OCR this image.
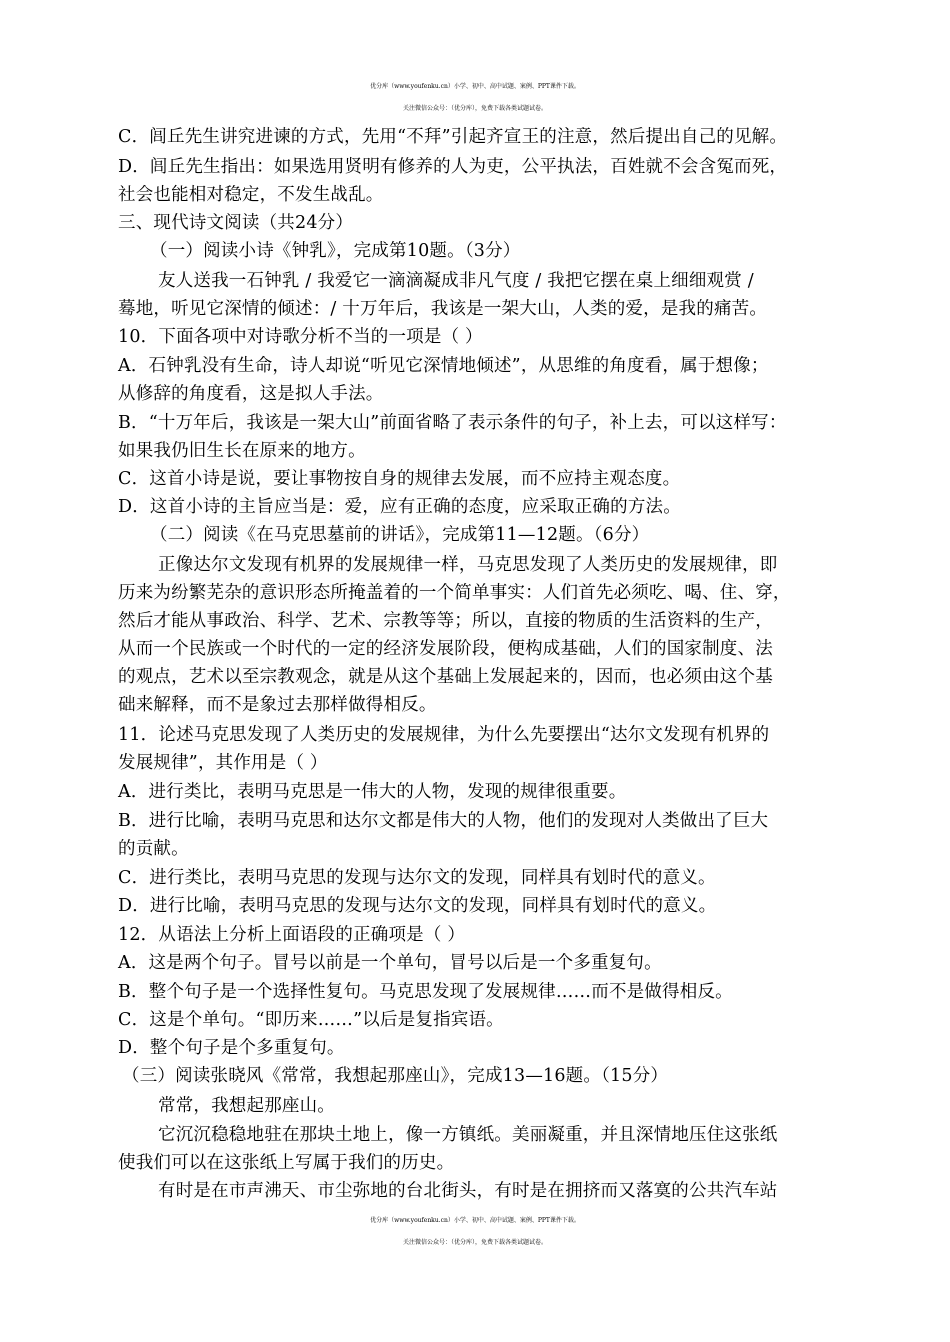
优分库（www.youfenku.cn）小学、初中、高中试题、案例、PPT课件下载。
关注微信公众号：（优分库），免费下载各类试题试卷。
C．闾丘先生讲究进谏的方式，先用“不拜”引起齐宣王的注意，然后提出自己的见解。
D．闾丘先生指出：如果选用贤明有修养的人为吏，公平执法，百姓就不会含冤而死，
社会也能相对稳定，不发生战乱。
三、现代诗文阅读（共24分）
（一）阅读小诗《钟乳》，完成第10题。（3分）
友人送我一石钟乳 / 我爱它一滴滴凝成非凡气度 / 我把它摆在桌上细细观赏 /
蓦地，听见它深情的倾述：/ 十万年后，我该是一架大山，人类的爱，是我的痛苦。
10．下面各项中对诗歌分析不当的一项是（ ）
A．石钟乳没有生命，诗人却说“听见它深情地倾述”，从思维的角度看，属于想像；
从修辞的角度看，这是拟人手法。
B．“十万年后，我该是一架大山”前面省略了表示条件的句子，补上去，可以这样写：
如果我仍旧生长在原来的地方。
C．这首小诗是说，要让事物按自身的规律去发展，而不应持主观态度。
D．这首小诗的主旨应当是：爱，应有正确的态度，应采取正确的方法。
（二）阅读《在马克思墓前的讲话》，完成第11—12题。（6分）
正像达尔文发现有机界的发展规律一样，马克思发现了人类历史的发展规律，即
历来为纷繁芜杂的意识形态所掩盖着的一个简单事实：人们首先必须吃、喝、住、穿，
然后才能从事政治、科学、艺术、宗教等等；所以，直接的物质的生活资料的生产，
从而一个民族或一个时代的一定的经济发展阶段，便构成基础，人们的国家制度、法
的观点，艺术以至宗教观念，就是从这个基础上发展起来的，因而，也必须由这个基
础来解释，而不是象过去那样做得相反。
11．论述马克思发现了人类历史的发展规律，为什么先要摆出“达尔文发现有机界的
发展规律”，其作用是（ ）
A．进行类比，表明马克思是一伟大的人物，发现的规律很重要。
B．进行比喻，表明马克思和达尔文都是伟大的人物，他们的发现对人类做出了巨大
的贡献。
C．进行类比，表明马克思的发现与达尔文的发现，同样具有划时代的意义。
D．进行比喻，表明马克思的发现与达尔文的发现，同样具有划时代的意义。
12．从语法上分析上面语段的正确项是（ ）
A．这是两个句子。冒号以前是一个单句，冒号以后是一个多重复句。
B．整个句子是一个选择性复句。马克思发现了发展规律……而不是做得相反。
C．这是个单句。“即历来……”以后是复指宾语。
D．整个句子是个多重复句。
（三）阅读张晓风《常常，我想起那座山》，完成13—16题。（15分）
常常，我想起那座山。
它沉沉稳稳地驻在那块土地上，像一方镇纸。美丽凝重，并且深情地压住这张纸
使我们可以在这张纸上写属于我们的历史。
有时是在市声沸天、市尘弥地的台北街头，有时是在拥挤而又落寞的公共汽车站
优分库（www.youfenku.cn）小学、初中、高中试题、案例、PPT课件下载。
关注微信公众号：（优分库），免费下载各类试题试卷。
